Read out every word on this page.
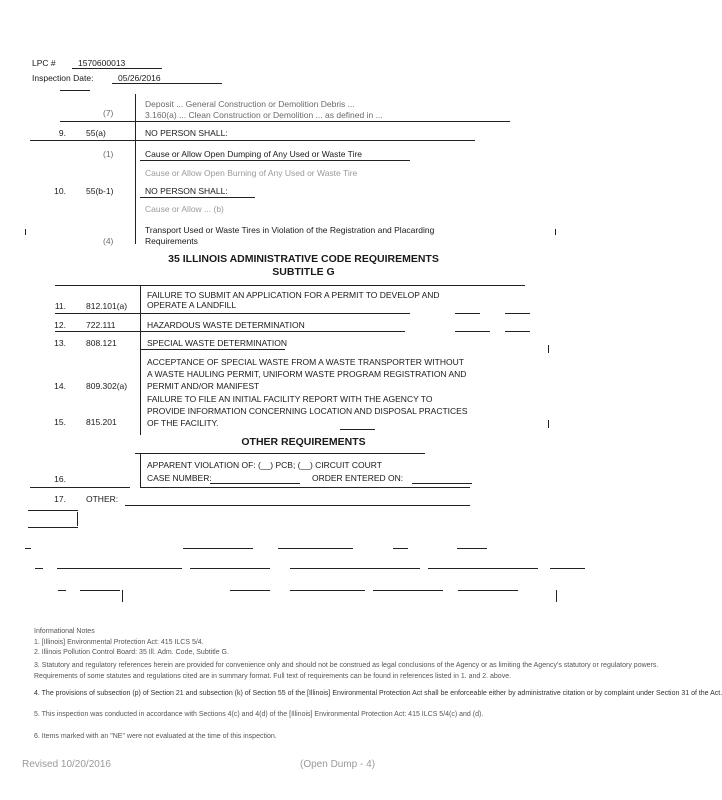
LPC #	1570600013
Inspection Date:	05/26/2016
(7)
Deposit ... General Construction or Demolition Debris ...
3.160(a) ... Clean Construction or Demolition ... as defined in ...
9. 55(a)	NO PERSON SHALL:
(1)	Cause or Allow Open Dumping of Any Used or Waste Tire
Cause or Allow Open Burning of Any Used or Waste Tire
10. 55(b-1)	NO PERSON SHALL:
Cause or Allow ... (b)
(4)
Transport Used or Waste Tires in Violation of the Registration and Placarding
Requirements
35 ILLINOIS ADMINISTRATIVE CODE REQUIREMENTS
SUBTITLE G
11. 812.101(a)
FAILURE TO SUBMIT AN APPLICATION FOR A PERMIT TO DEVELOP AND
OPERATE A LANDFILL
12. 722.111	HAZARDOUS WASTE DETERMINATION
13. 808.121	SPECIAL WASTE DETERMINATION
14. 809.302(a)
ACCEPTANCE OF SPECIAL WASTE FROM A WASTE TRANSPORTER WITHOUT
A WASTE HAULING PERMIT, UNIFORM WASTE PROGRAM REGISTRATION AND
PERMIT AND/OR MANIFEST
15. 815.201
FAILURE TO FILE AN INITIAL FACILITY REPORT WITH THE AGENCY TO
PROVIDE INFORMATION CONCERNING LOCATION AND DISPOSAL PRACTICES
OF THE FACILITY.
OTHER REQUIREMENTS
16.
APPARENT VIOLATION OF: (__) PCB; (__) CIRCUIT COURT
CASE NUMBER:	ORDER ENTERED ON:
17. OTHER:
Informational Notes
1. [Illinois] Environmental Protection Act: 415 ILCS 5/4.
2. Illinois Pollution Control Board: 35 Ill. Adm. Code, Subtitle G.
3. Statutory and regulatory references herein are provided for convenience only and should not be construed as legal conclusions of the Agency or as limiting the Agency's statutory or regulatory powers.
Requirements of some statutes and regulations cited are in summary format. Full text of requirements can be found in references listed in 1. and 2. above.
4. The provisions of subsection (p) of Section 21 and subsection (k) of Section 55 of the [Illinois] Environmental Protection Act shall be enforceable either by administrative citation or by complaint under Section 31 of the Act.
5. This inspection was conducted in accordance with Sections 4(c) and 4(d) of the [Illinois] Environmental Protection Act: 415 ILCS 5/4(c) and (d).
6. Items marked with an "NE" were not evaluated at the time of this inspection.
Revised 10/20/2016	(Open Dump - 4)
